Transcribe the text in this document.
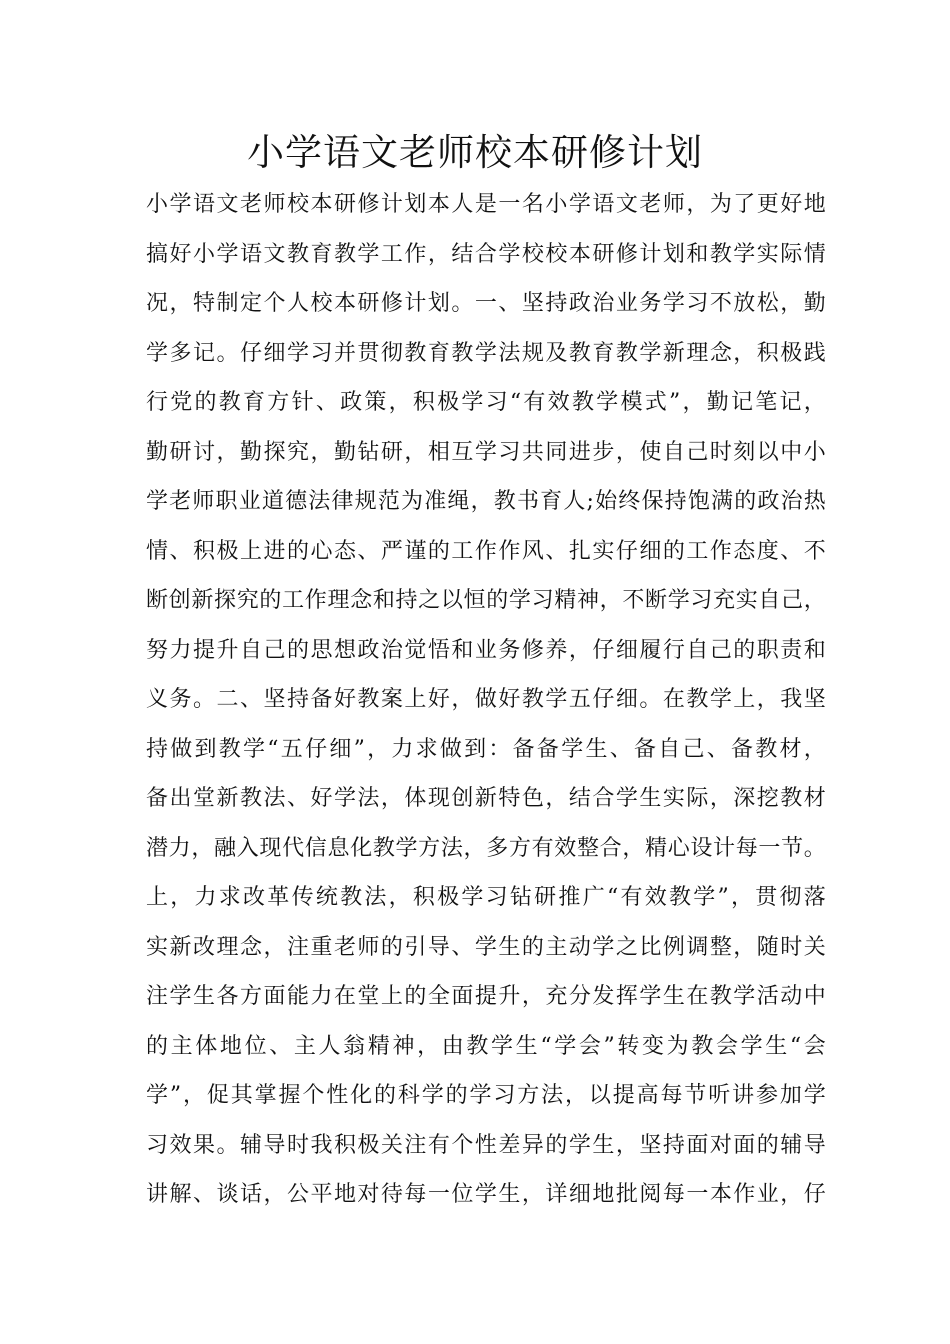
小学语文老师校本研修计划
小学语文老师校本研修计划本人是一名小学语文老师，为了更好地
搞好小学语文教育教学工作，结合学校校本研修计划和教学实际情
况，特制定个人校本研修计划。一、坚持政治业务学习不放松，勤
学多记。仔细学习并贯彻教育教学法规及教育教学新理念，积极践
行党的教育方针、政策，积极学习“有效教学模式”，勤记笔记，
勤研讨，勤探究，勤钻研，相互学习共同进步，使自己时刻以中小
学老师职业道德法律规范为准绳，教书育人;始终保持饱满的政治热
情、积极上进的心态、严谨的工作作风、扎实仔细的工作态度、不
断创新探究的工作理念和持之以恒的学习精神，不断学习充实自己，
努力提升自己的思想政治觉悟和业务修养，仔细履行自己的职责和
义务。二、坚持备好教案上好，做好教学五仔细。在教学上，我坚
持做到教学“五仔细”，力求做到：备备学生、备自己、备教材，
备出堂新教法、好学法，体现创新特色，结合学生实际，深挖教材
潜力，融入现代信息化教学方法，多方有效整合，精心设计每一节。
上，力求改革传统教法，积极学习钻研推广“有效教学”，贯彻落
实新改理念，注重老师的引导、学生的主动学之比例调整，随时关
注学生各方面能力在堂上的全面提升，充分发挥学生在教学活动中
的主体地位、主人翁精神，由教学生“学会”转变为教会学生“会
学”，促其掌握个性化的科学的学习方法，以提高每节听讲参加学
习效果。辅导时我积极关注有个性差异的学生，坚持面对面的辅导
讲解、谈话，公平地对待每一位学生，详细地批阅每一本作业，仔
